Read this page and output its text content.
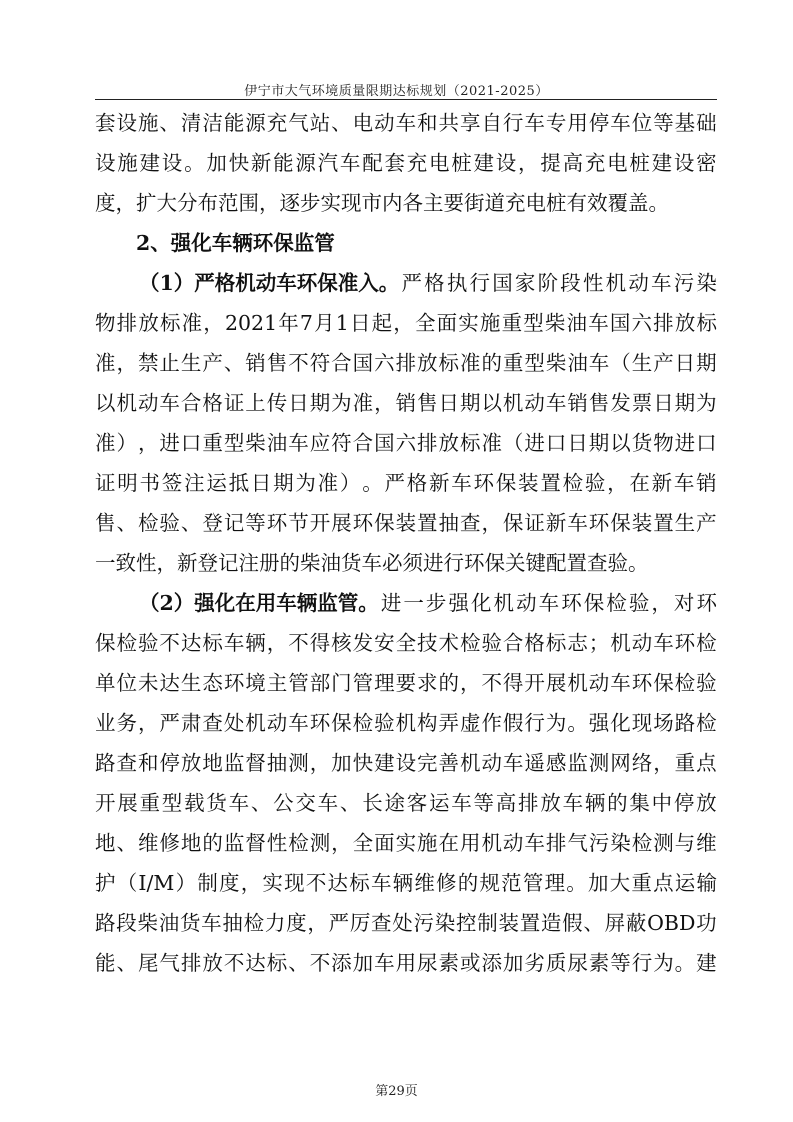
伊宁市大气环境质量限期达标规划（2021-2025）
套 设 施 、 清 洁 能 源 充 气 站 、 电 动 车 和 共 享 自 行 车 专 用 停 车 位 等 基 础
设 施 建 设 。 加 快 新 能 源 汽 车 配 套 充 电 桩 建 设 ， 提 高 充 电 桩 建 设 密
度，扩大分布范围，逐步实现市内各主要街道充电桩有效覆盖。
2、强化车辆环保监管
（1）严格机动车环保准入。 严 格 执 行 国 家 阶 段 性 机 动 车 污 染
物 排 放 标 准 ， 2021 年 7 月 1 日 起 ， 全 面 实 施 重 型 柴 油 车 国 六 排 放 标
准 ， 禁 止 生 产 、 销 售 不 符 合 国 六 排 放 标 准 的 重 型 柴 油 车 （ 生 产 日 期
以 机 动 车 合 格 证 上 传 日 期 为 准 ， 销 售 日 期 以 机 动 车 销 售 发 票 日 期 为
准 ） ， 进 口 重 型 柴 油 车 应 符 合 国 六 排 放 标 准 （ 进 口 日 期 以 货 物 进 口
证 明 书 签 注 运 抵 日 期 为 准 ） 。 严 格 新 车 环 保 装 置 检 验 ， 在 新 车 销
售 、 检 验 、 登 记 等 环 节 开 展 环 保 装 置 抽 查 ， 保 证 新 车 环 保 装 置 生 产
一致性，新登记注册的柴油货车必须进行环保关键配置查验。
（2）强化在用车辆监管。 进 一 步 强 化 机 动 车 环 保 检 验 ， 对 环
保 检 验 不 达 标 车 辆 ， 不 得 核 发 安 全 技 术 检 验 合 格 标 志 ； 机 动 车 环 检
单 位 未 达 生 态 环 境 主 管 部 门 管 理 要 求 的 ， 不 得 开 展 机 动 车 环 保 检 验
业 务 ， 严 肃 查 处 机 动 车 环 保 检 验 机 构 弄 虚 作 假 行 为 。 强 化 现 场 路 检
路 查 和 停 放 地 监 督 抽 测 ， 加 快 建 设 完 善 机 动 车 遥 感 监 测 网 络 ， 重 点
开 展 重 型 载 货 车 、 公 交 车 、 长 途 客 运 车 等 高 排 放 车 辆 的 集 中 停 放
地 、 维 修 地 的 监 督 性 检 测 ， 全 面 实 施 在 用 机 动 车 排 气 污 染 检 测 与 维
护 （ I/M ） 制 度 ， 实 现 不 达 标 车 辆 维 修 的 规 范 管 理 。 加 大 重 点 运 输
路 段 柴 油 货 车 抽 检 力 度 ， 严 厉 查 处 污 染 控 制 装 置 造 假 、 屏 蔽 OBD 功
能 、 尾 气 排 放 不 达 标 、 不 添 加 车 用 尿 素 或 添 加 劣 质 尿 素 等 行 为 。 建
第29页
